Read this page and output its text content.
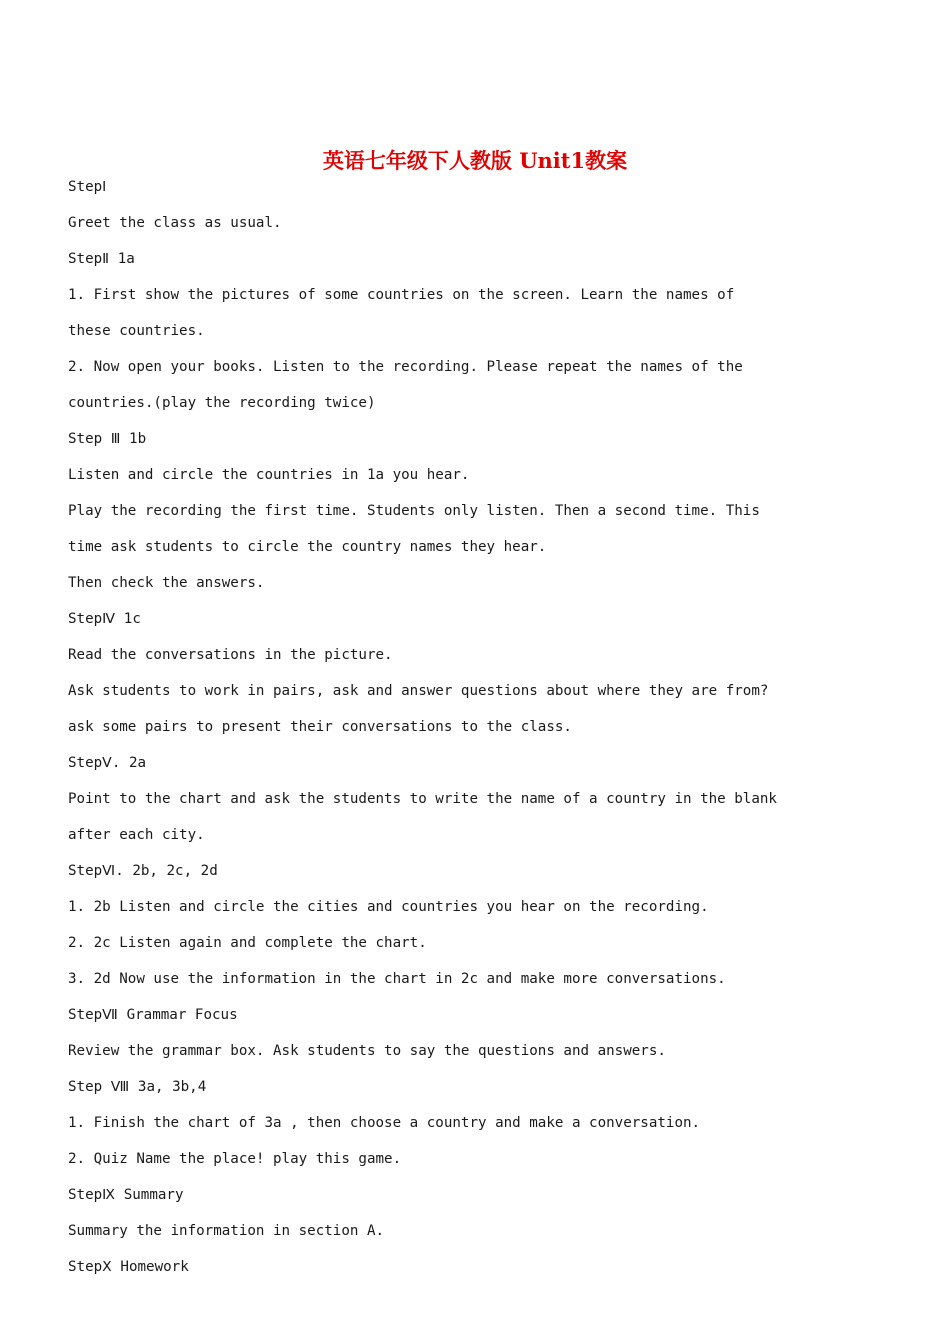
英语七年级下人教版 Unit1教案

StepⅠ

Greet the class as usual.

StepⅡ 1a

1. First show the pictures of some countries on the screen. Learn the names of

these countries.

2. Now open your books. Listen to the recording. Please repeat the names of the

countries.(play the recording twice)

Step Ⅲ 1b

Listen and circle the countries in 1a you hear.

Play the recording the first time. Students only listen. Then a second time. This

time ask students to circle the country names they hear.

Then check the answers.

StepⅣ 1c

Read the conversations in the picture.

Ask students to work in pairs, ask and answer questions about where they are from?

ask some pairs to present their conversations to the class.

StepⅤ. 2a

Point to the chart and ask the students to write the name of a country in the blank

after each city.

StepⅥ. 2b, 2c, 2d

1. 2b Listen and circle the cities and countries you hear on the recording.

2. 2c Listen again and complete the chart.

3. 2d Now use the information in the chart in 2c and make more conversations.

StepⅦ Grammar Focus

Review the grammar box. Ask students to say the questions and answers.

Step Ⅷ 3a, 3b,4

1. Finish the chart of 3a , then choose a country and make a conversation.

2. Quiz Name the place! play this game.

StepⅨ Summary

Summary the information in section A.

StepⅩ Homework
